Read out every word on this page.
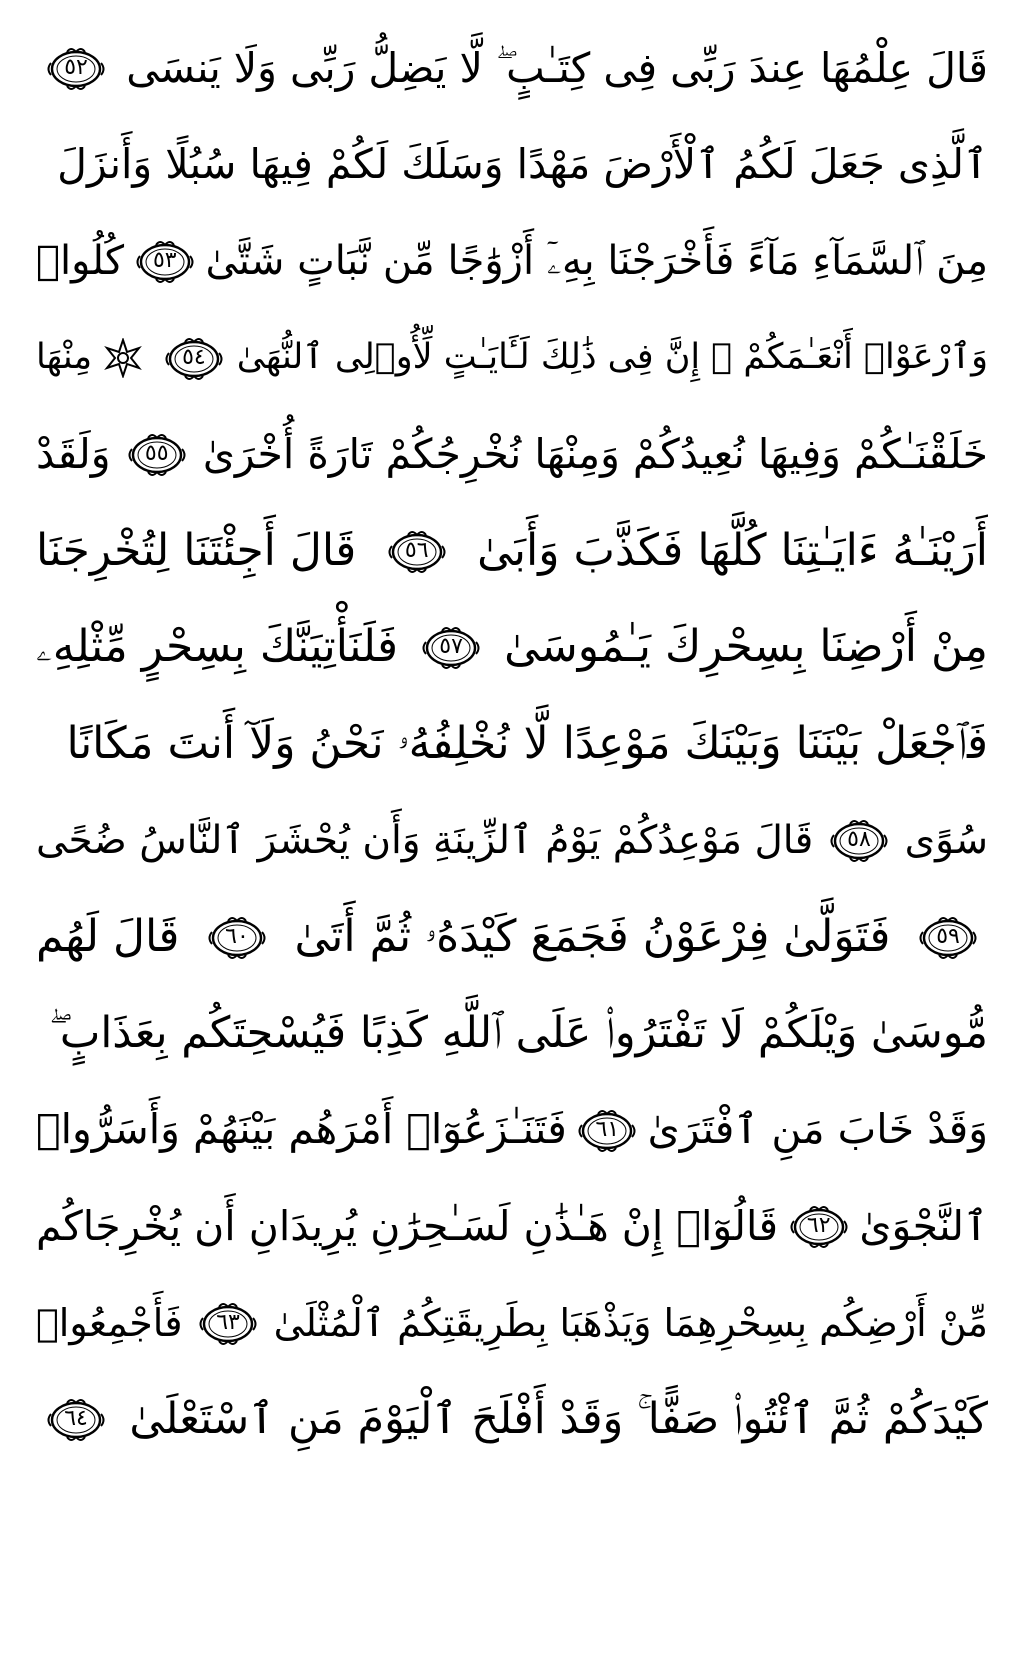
قَالَ عِلْمُهَا عِندَ رَبِّى فِى كِتَـٰبٍ ۖ لَّا يَضِلُّ رَبِّى وَلَا يَنسَى
٥٢
ٱلَّذِى جَعَلَ لَكُمُ ٱلْأَرْضَ مَهْدًا وَسَلَكَ لَكُمْ فِيهَا سُبُلًا وَأَنزَلَ
مِنَ ٱلسَّمَآءِ مَآءً فَأَخْرَجْنَا بِهِۦٓ أَزْوَٰجًا مِّن نَّبَاتٍ شَتَّىٰ
٥٣
كُلُوا۟
وَٱرْعَوْا۟ أَنْعَـٰمَكُمْ ۗ إِنَّ فِى ذَٰلِكَ لَـَٔايَـٰتٍ لِّأُو۟لِى ٱلنُّهَىٰ
٥٤
مِنْهَا
خَلَقْنَـٰكُمْ وَفِيهَا نُعِيدُكُمْ وَمِنْهَا نُخْرِجُكُمْ تَارَةً أُخْرَىٰ
٥٥
وَلَقَدْ
أَرَيْنَـٰهُ ءَايَـٰتِنَا كُلَّهَا فَكَذَّبَ وَأَبَىٰ
٥٦
قَالَ أَجِئْتَنَا لِتُخْرِجَنَا
مِنْ أَرْضِنَا بِسِحْرِكَ يَـٰمُوسَىٰ
٥٧
فَلَنَأْتِيَنَّكَ بِسِحْرٍ مِّثْلِهِۦ
فَٱجْعَلْ بَيْنَنَا وَبَيْنَكَ مَوْعِدًا لَّا نُخْلِفُهُۥ نَحْنُ وَلَآ أَنتَ مَكَانًا
سُوًى
٥٨
قَالَ مَوْعِدُكُمْ يَوْمُ ٱلزِّينَةِ وَأَن يُحْشَرَ ٱلنَّاسُ ضُحًى
٥٩
فَتَوَلَّىٰ فِرْعَوْنُ فَجَمَعَ كَيْدَهُۥ ثُمَّ أَتَىٰ
٦٠
قَالَ لَهُم
مُّوسَىٰ وَيْلَكُمْ لَا تَفْتَرُوا۟ عَلَى ٱللَّهِ كَذِبًا فَيُسْحِتَكُم بِعَذَابٍ ۖ
وَقَدْ خَابَ مَنِ ٱفْتَرَىٰ
٦١
فَتَنَـٰزَعُوٓا۟ أَمْرَهُم بَيْنَهُمْ وَأَسَرُّوا۟
ٱلنَّجْوَىٰ
٦٢
قَالُوٓا۟ إِنْ هَـٰذَٰنِ لَسَـٰحِرَٰنِ يُرِيدَانِ أَن يُخْرِجَاكُم
مِّنْ أَرْضِكُم بِسِحْرِهِمَا وَيَذْهَبَا بِطَرِيقَتِكُمُ ٱلْمُثْلَىٰ
٦٣
فَأَجْمِعُوا۟
كَيْدَكُمْ ثُمَّ ٱئْتُوا۟ صَفًّا ۚ وَقَدْ أَفْلَحَ ٱلْيَوْمَ مَنِ ٱسْتَعْلَىٰ
٦٤
